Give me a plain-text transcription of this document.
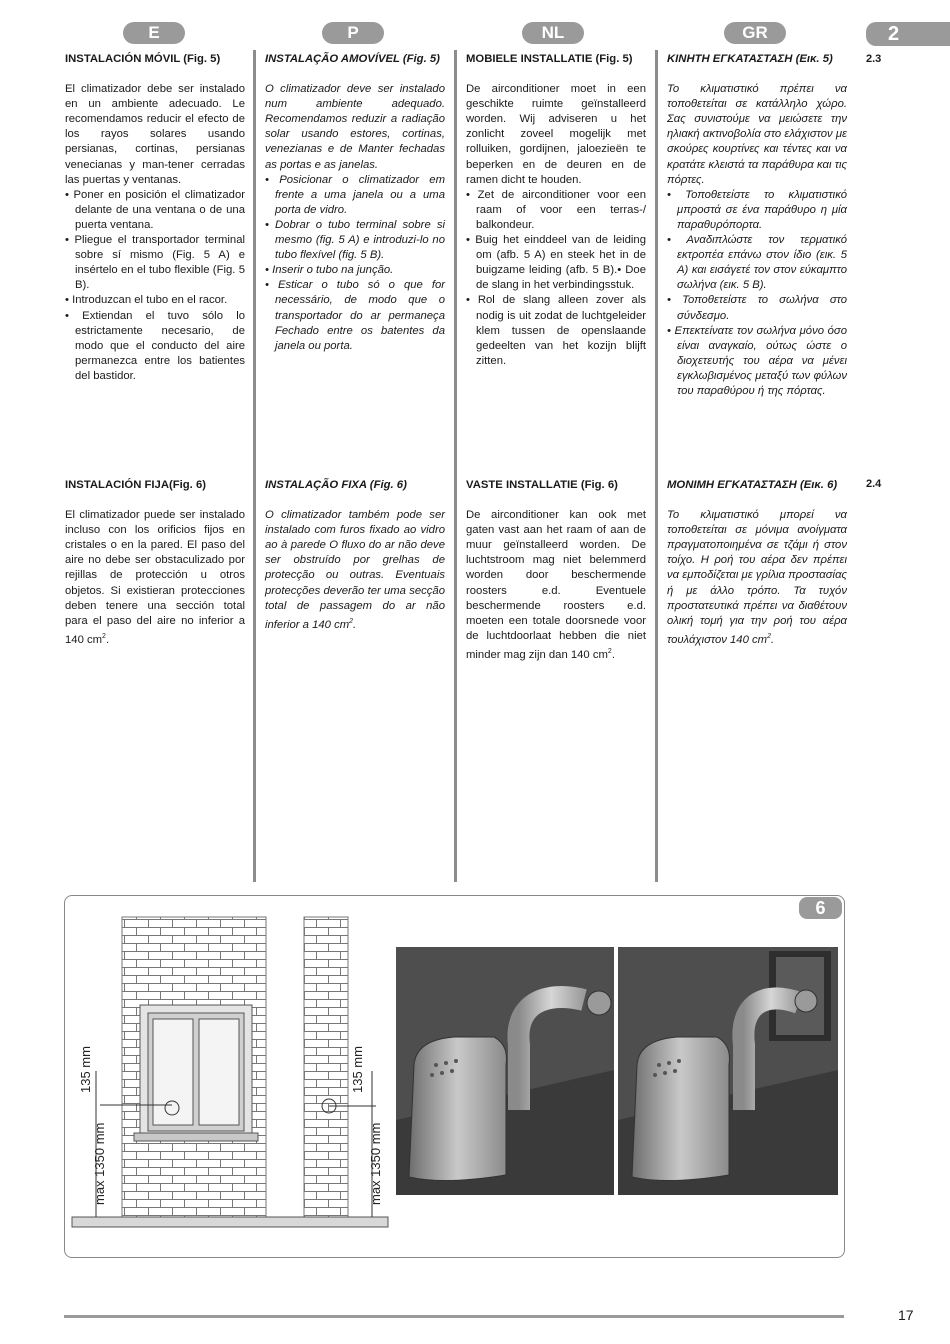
E	P	NL	GR	2
2.3
2.4

INSTALACIÓN MÓVIL (Fig. 5)

El climatizador debe ser instalado en un ambiente adecuado. Le recomendamos reducir el efecto de los rayos solares usando persianas, cortinas, persianas venecianas y man-tener cerradas las puertas y ventanas.

• Poner en posición el climatizador delante de una ventana o de una puerta ventana.

• Pliegue el transportador terminal sobre sí mismo (Fig. 5 A) e insértelo en el tubo flexible (Fig. 5 B).

• Introduzcan el tubo en el racor.

• Extiendan el tuvo sólo lo estrictamente necesario, de modo que el conducto del aire permanezca entre los batientes del bastidor.

INSTALAÇÃO AMOVÍVEL (Fig. 5)

O climatizador deve ser instalado num ambiente adequado. Recomendamos reduzir a radiação solar usando estores, cortinas, venezianas e de Manter fechadas as portas e as janelas.

• Posicionar o climatizador em frente a uma janela ou a uma porta de vidro.

• Dobrar o tubo terminal sobre si mesmo (fig. 5 A) e introduzi-lo no tubo flexível (fig. 5 B).

• Inserir o tubo na junção.

• Esticar o tubo só o que for necessário, de modo que o transportador do ar permaneça Fechado entre os batentes da janela ou porta.

MOBIELE INSTALLATIE (Fig. 5)

De airconditioner moet in een geschikte ruimte geïnstalleerd worden. Wij adviseren u het zonlicht zoveel mogelijk met rolluiken, gordijnen, jaloezieën te beperken en de deuren en de ramen dicht te houden.

• Zet de airconditioner voor een raam of voor een terras-/ balkondeur.

• Buig het einddeel van de leiding om (afb. 5 A) en steek het in de buigzame leiding (afb. 5 B).• Doe de slang in het verbindingsstuk.

• Rol de slang alleen zover als nodig is uit zodat de luchtgeleider klem tussen de openslaande gedeelten van het kozijn blijft zitten.

ΚΙΝΗΤΗ ΕΓΚΑΤΑΣΤΑΣΗ (Εικ. 5)

Το κλιματιστικό πρέπει να τοποθετείται σε κατάλληλο χώρο. Σας συνιστούμε να μειώσετε την ηλιακή ακτινοβολία στο ελάχιστον με σκούρες κουρτίνες και τέντες και να κρατάτε κλειστά τα παράθυρα και τις πόρτες.

• Τοποθετείστε το κλιματιστικό μπροστά σε ένα παράθυρο η μία παραθυρόπορτα.

• Αναδιπλώστε τον τερματικό εκτροπέα επάνω στον ίδιο (εικ. 5 A) και εισάγετέ τον στον εύκαμπτο σωλήνα (εικ. 5 B).

• Τοποθετείστε το σωλήνα στο σύνδεσμο.

• Επεκτείνατε τον σωλήνα μόνο όσο είναι αναγκαίο, ούτως ώστε ο διοχετευτής του αέρα να μένει εγκλωβισμένος μεταξύ των φύλων του παραθύρου ή της πόρτας.

INSTALACIÓN FIJA(Fig. 6)

El climatizador puede ser instalado incluso con los orificios fijos en cristales o en la pared. El paso del aire no debe ser obstaculizado por rejillas de protección u otros objetos. Si existieran protecciones deben tenere una sección total para el paso del aire no inferior a 140 $cm^2$.

INSTALAÇÃO FIXA (Fig. 6)

O climatizador também pode ser instalado com furos fixado ao vidro ao à parede O fluxo do ar não deve ser obstruído por grelhas de protecção ou outras. Eventuais protecções deverão ter uma secção total de passagem do ar não inferior a 140 $cm^2$.

VASTE INSTALLATIE (Fig. 6)

De airconditioner kan ook met gaten vast aan het raam of aan de muur geïnstalleerd worden. De luchtstroom mag niet belemmerd worden door beschermende roosters e.d. Eventuele beschermende roosters e.d. moeten een totale doorsnede voor de luchtdoorlaat hebben die niet minder mag zijn dan 140 $cm^2$.

ΜΟΝΙΜΗ ΕΓΚΑΤΑΣΤΑΣΗ (Εικ. 6)

Το κλιματιστικό μπορεί να τοποθετείται σε μόνιμα ανοίγματα πραγματοποιημένα σε τζάμι ή στον τοίχο. Η ροή του αέρα δεν πρέπει να εμποδίζεται με γρίλια προστασίας ή με άλλο τρόπο. Τα τυχόν προστατευτικά πρέπει να διαθέτουν ολική τομή για την ροή του αέρα τουλάχιστον 140 $cm^2$.

6
135 mm
max 1350 mm
135 mm
max 1350 mm
17
